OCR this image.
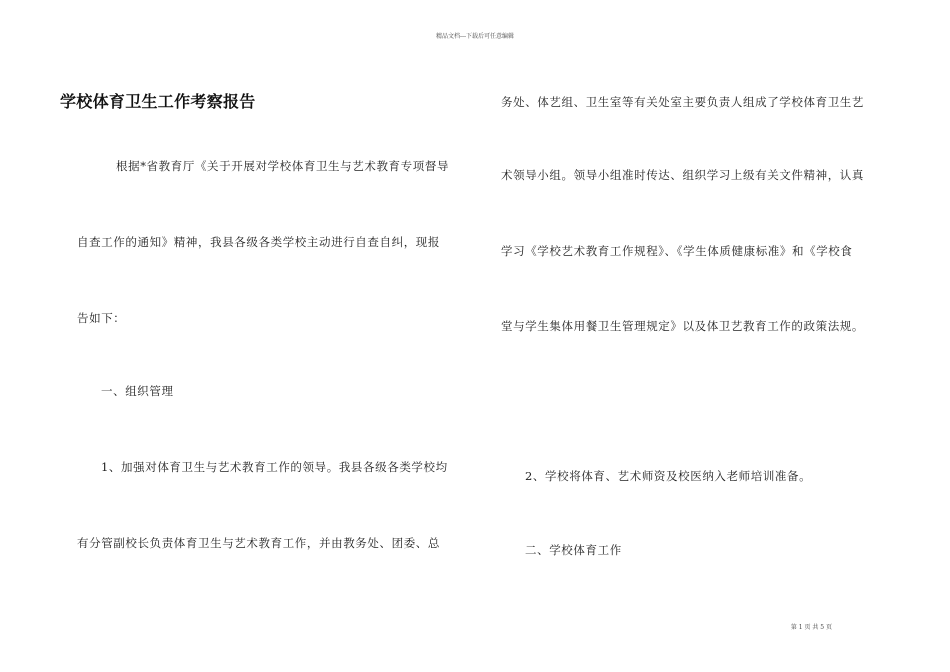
精品文档---下载后可任意编辑
学校体育卫生工作考察报告
根据*省教育厅《关于开展对学校体育卫生与艺术教育专项督导
自查工作的通知》精神，我县各级各类学校主动进行自查自纠，现报
告如下：
一、组织管理
1、加强对体育卫生与艺术教育工作的领导。我县各级各类学校均
有分管副校长负责体育卫生与艺术教育工作，并由教务处、团委、总
务处、体艺组、卫生室等有关处室主要负责人组成了学校体育卫生艺
术领导小组。领导小组准时传达、组织学习上级有关文件精神，认真
学习《学校艺术教育工作规程》、《学生体质健康标准》和《学校食
堂与学生集体用餐卫生管理规定》以及体卫艺教育工作的政策法规。
2、学校将体育、艺术师资及校医纳入老师培训准备。
二、学校体育工作
第 1 页 共 5 页
